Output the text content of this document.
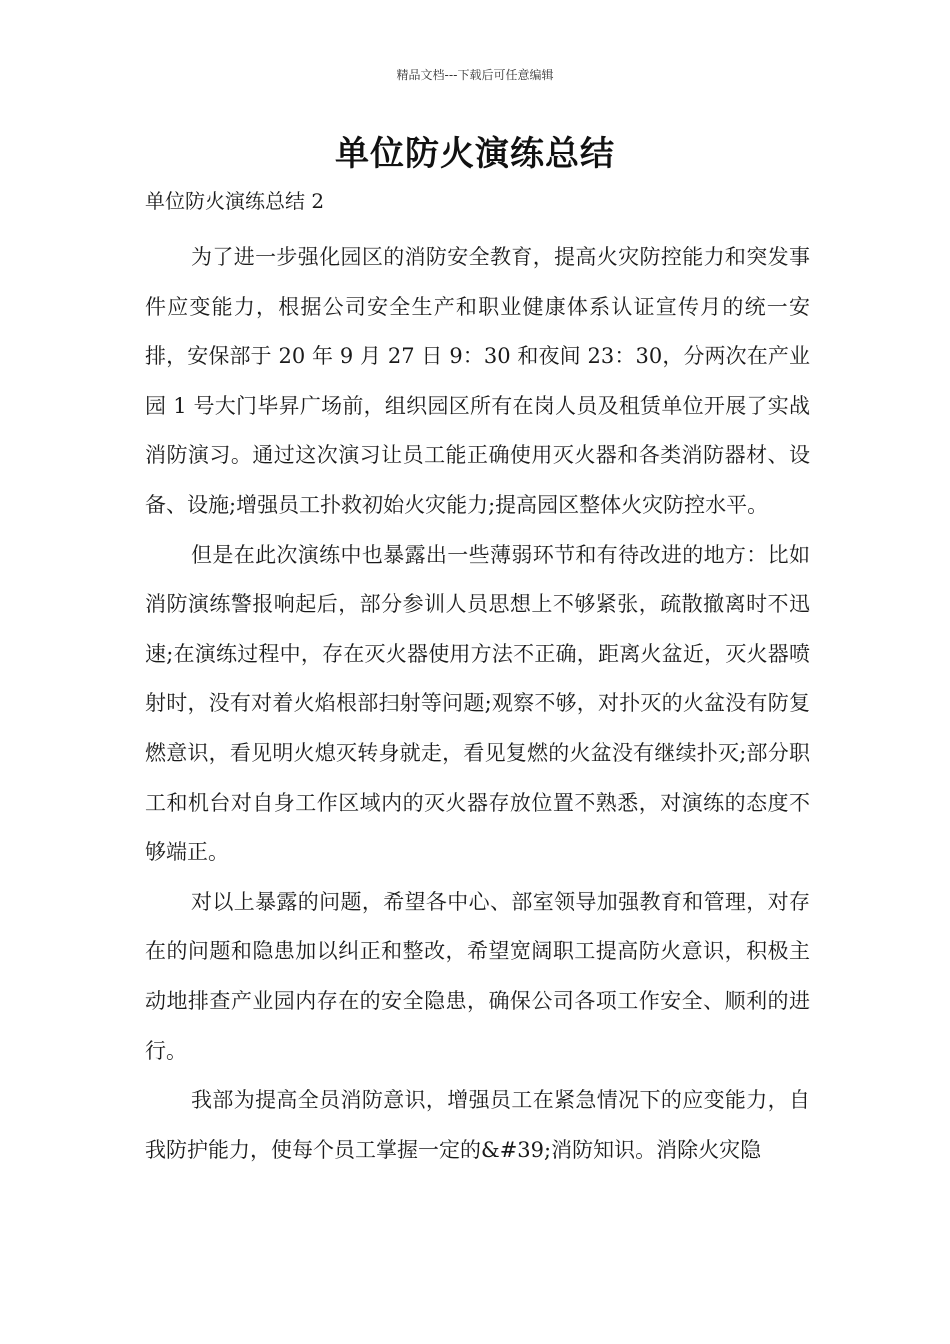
精品文档---下载后可任意编辑
单位防火演练总结
单位防火演练总结 2

为了进一步强化园区的消防安全教育，提高火灾防控能力和突发事件应变能力，根据公司安全生产和职业健康体系认证宣传月的统一安排，安保部于 20 年 9 月 27 日 9：30 和夜间 23：30，分两次在产业园 1 号大门毕昇广场前，组织园区所有在岗人员及租赁单位开展了实战消防演习。通过这次演习让员工能正确使用灭火器和各类消防器材、设备、设施;增强员工扑救初始火灾能力;提高园区整体火灾防控水平。

但是在此次演练中也暴露出一些薄弱环节和有待改进的地方：比如消防演练警报响起后，部分参训人员思想上不够紧张，疏散撤离时不迅速;在演练过程中，存在灭火器使用方法不正确，距离火盆近，灭火器喷射时，没有对着火焰根部扫射等问题;观察不够，对扑灭的火盆没有防复燃意识，看见明火熄灭转身就走，看见复燃的火盆没有继续扑灭;部分职工和机台对自身工作区域内的灭火器存放位置不熟悉，对演练的态度不够端正。

对以上暴露的问题，希望各中心、部室领导加强教育和管理，对存在的问题和隐患加以纠正和整改，希望宽阔职工提高防火意识，积极主动地排查产业园内存在的安全隐患，确保公司各项工作安全、顺利的进行。

我部为提高全员消防意识，增强员工在紧急情况下的应变能力，自我防护能力，使每个员工掌握一定的&#39;消防知识。消除火灾隐
